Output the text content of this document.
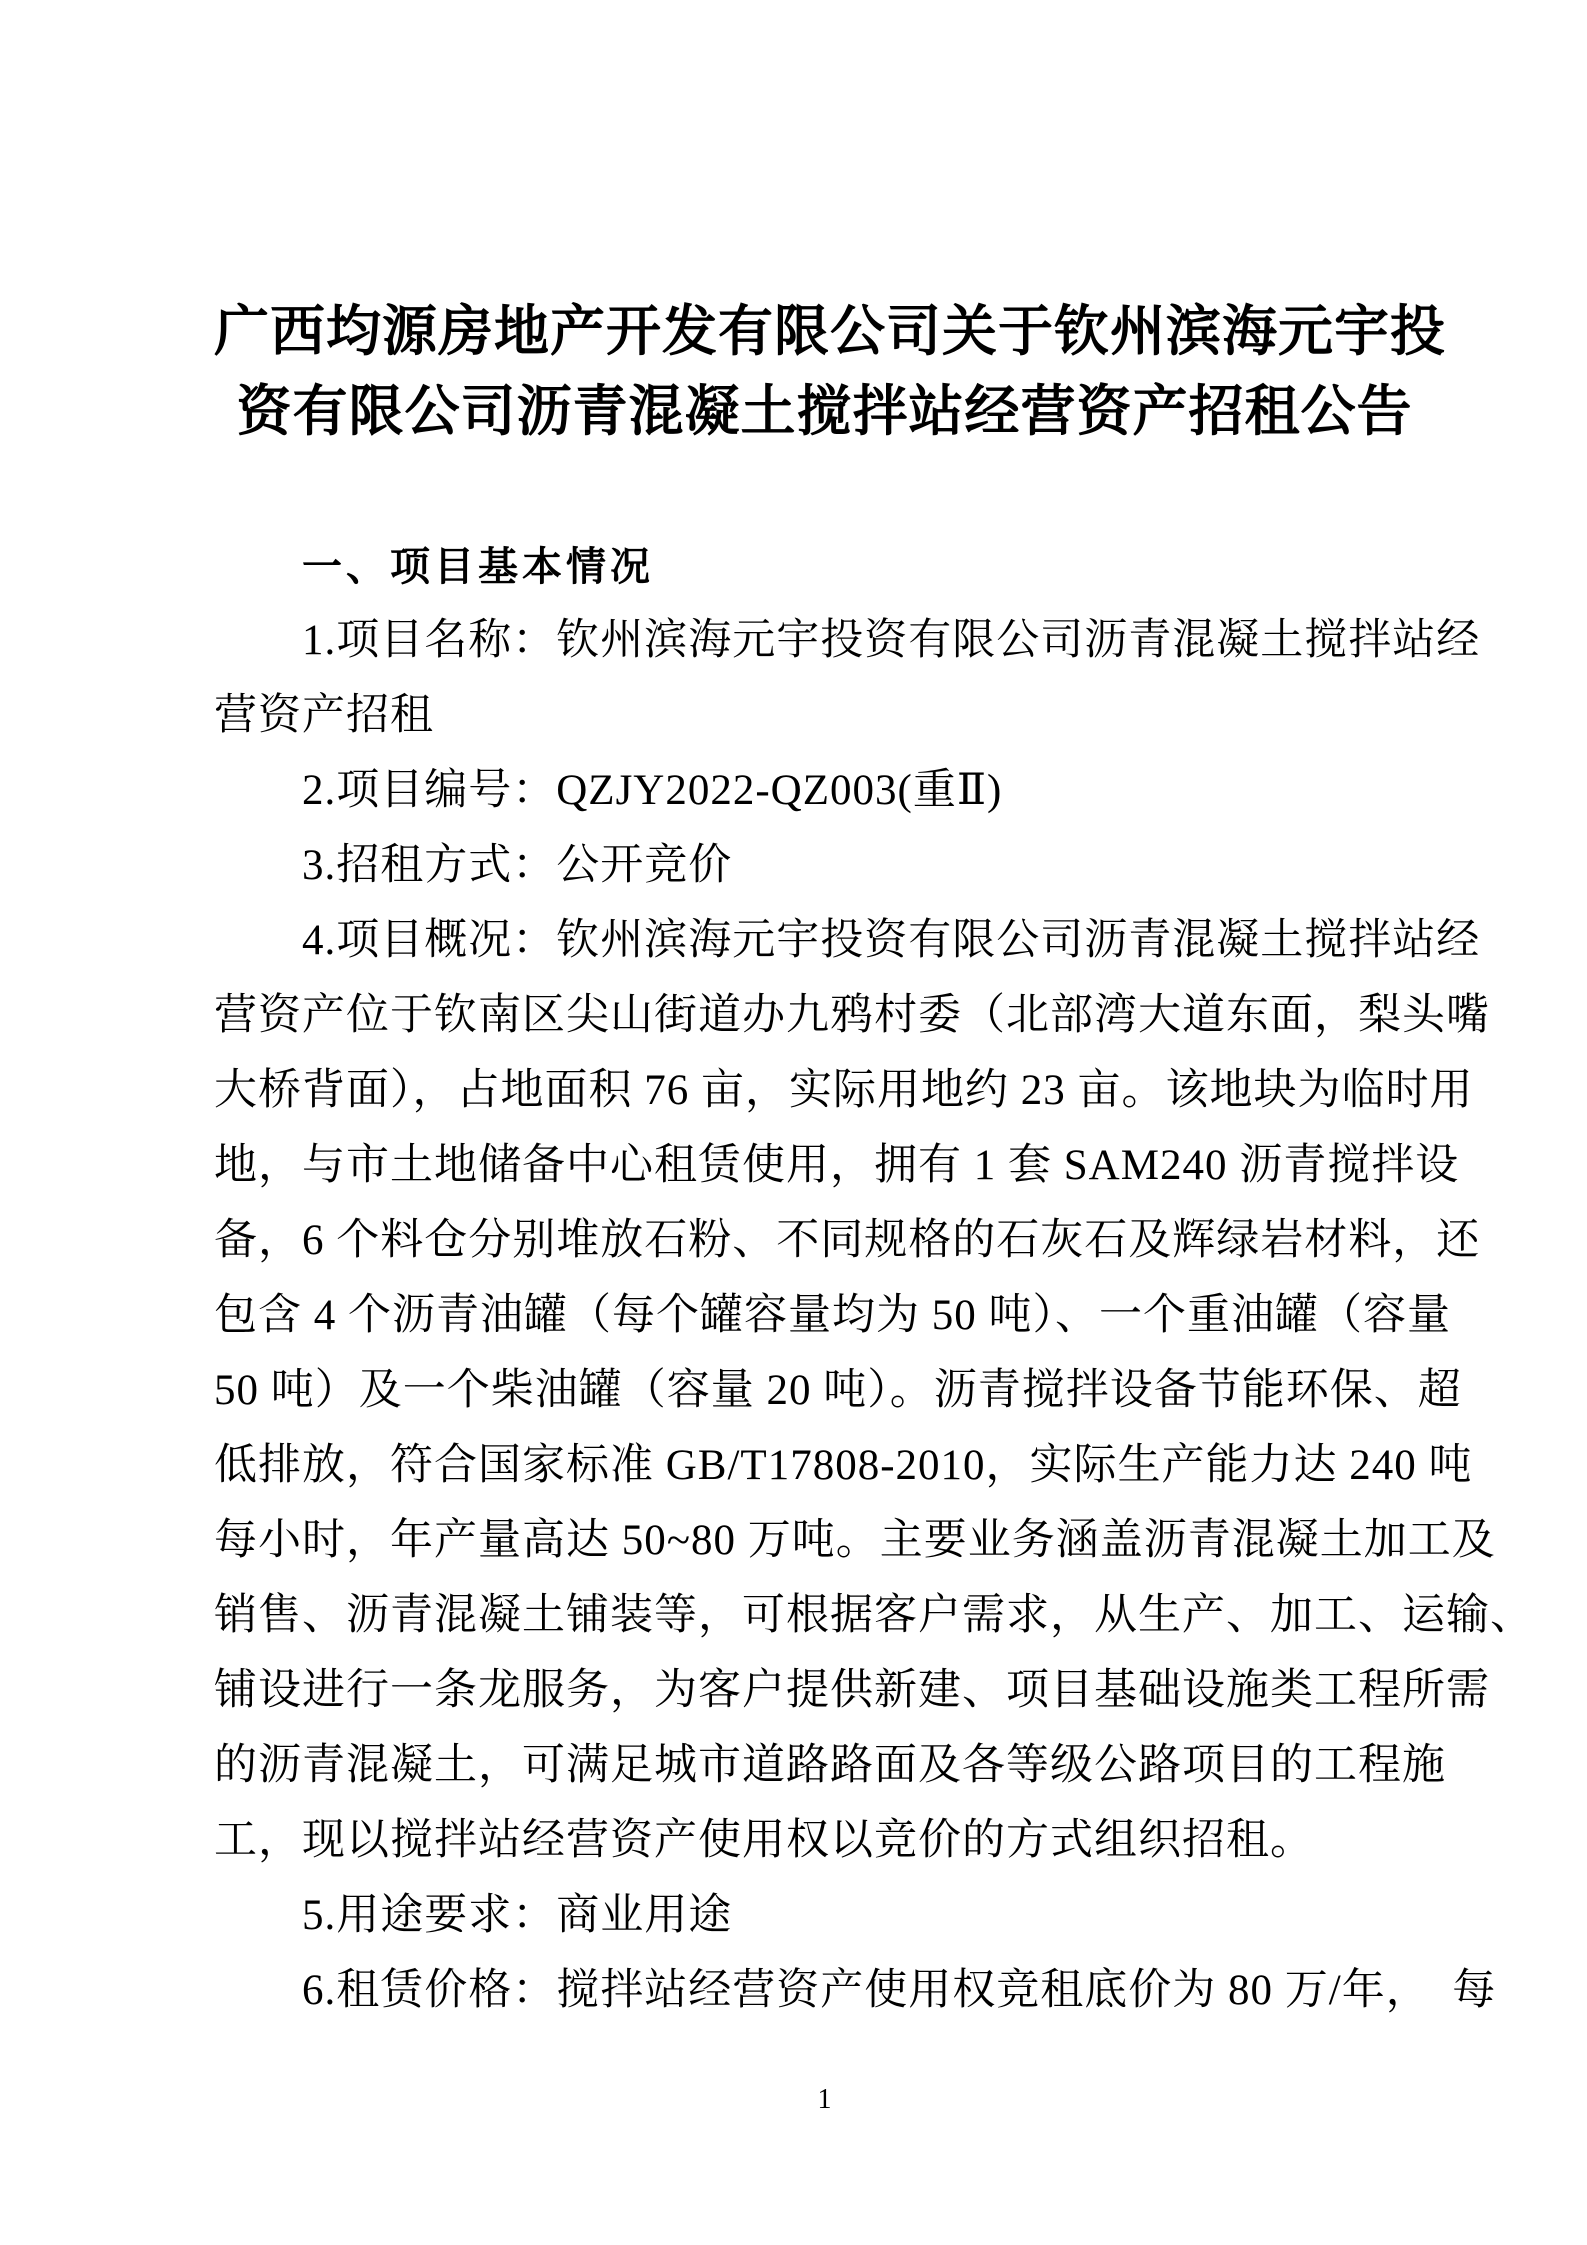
广西均源房地产开发有限公司关于钦州滨海元宇投
资有限公司沥青混凝土搅拌站经营资产招租公告
一、项目基本情况
　　1.项目名称：钦州滨海元宇投资有限公司沥青混凝土搅拌站经
营资产招租
　　2.项目编号：QZJY2022-QZ003(重Ⅱ)
　　3.招租方式：公开竞价
　　4.项目概况：钦州滨海元宇投资有限公司沥青混凝土搅拌站经
营资产位于钦南区尖山街道办九鸦村委（北部湾大道东面，梨头嘴
大桥背面），占地面积 76 亩，实际用地约 23 亩。该地块为临时用
地，与市土地储备中心租赁使用，拥有 1 套 SAM240 沥青搅拌设
备，6 个料仓分别堆放石粉、不同规格的石灰石及辉绿岩材料，还
包含 4 个沥青油罐（每个罐容量均为 50 吨）、一个重油罐（容量
50 吨）及一个柴油罐（容量 20 吨）。沥青搅拌设备节能环保、超
低排放，符合国家标准 GB/T17808-2010，实际生产能力达 240 吨
每小时，年产量高达 50~80 万吨。主要业务涵盖沥青混凝土加工及
销售、沥青混凝土铺装等，可根据客户需求，从生产、加工、运输、
铺设进行一条龙服务，为客户提供新建、项目基础设施类工程所需
的沥青混凝土，可满足城市道路路面及各等级公路项目的工程施
工，现以搅拌站经营资产使用权以竞价的方式组织招租。
　　5.用途要求：商业用途
　　6.租赁价格：搅拌站经营资产使用权竞租底价为 80 万/年，　每
1
